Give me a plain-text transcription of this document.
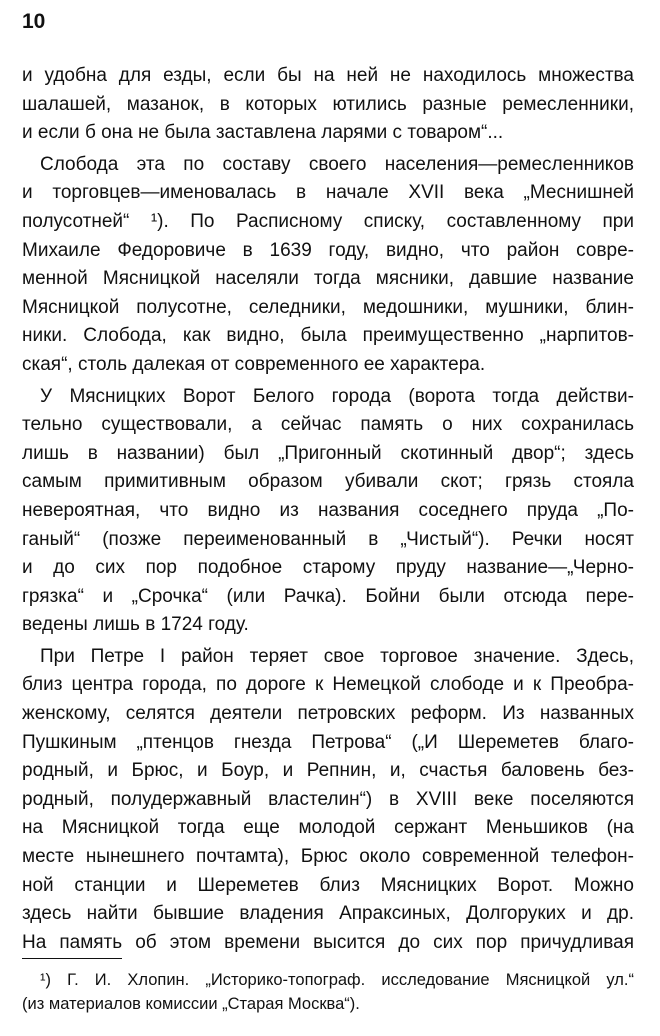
10
и удобна для езды, если бы на ней не находилось множества
шалашей, мазанок, в которых ютились разные ремесленники,
и если б она не была заставлена ларями с товаром“...
Слобода эта по составу своего населения—ремесленников
и торговцев—именовалась в начале XVII века „Меснишней
полусотней“ ¹). По Расписному списку, составленному при
Михаиле Федоровиче в 1639 году, видно, что район совре-
менной Мясницкой населяли тогда мясники, давшие название
Мясницкой полусотне, селедники, медошники, мушники, блин-
ники. Слобода, как видно, была преимущественно „нарпитов-
ская“, столь далекая от современного ее характера.
У Мясницких Ворот Белого города (ворота тогда действи-
тельно существовали, а сейчас память о них сохранилась
лишь в названии) был „Пригонный скотинный двор“; здесь
самым примитивным образом убивали скот; грязь стояла
невероятная, что видно из названия соседнего пруда „По-
ганый“ (позже переименованный в „Чистый“). Речки носят
и до сих пор подобное старому пруду название—„Черно-
грязка“ и „Срочка“ (или Рачка). Бойни были отсюда пере-
ведены лишь в 1724 году.
При Петре I район теряет свое торговое значение. Здесь,
близ центра города, по дороге к Немецкой слободе и к Преобра-
женскому, селятся деятели петровских реформ. Из названных
Пушкиным „птенцов гнезда Петрова“ („И Шереметев благо-
родный, и Брюс, и Боур, и Репнин, и, счастья баловень без-
родный, полудержавный властелин“) в XVIII веке поселяются
на Мясницкой тогда еще молодой сержант Меньшиков (на
месте нынешнего почтамта), Брюс около современной телефон-
ной станции и Шереметев близ Мясницких Ворот. Можно
здесь найти бывшие владения Апраксиных, Долгоруких и др.
На память об этом времени высится до сих пор причудливая
¹) Г. И. Хлопин. „Историко-топограф. исследование Мясницкой ул.“
(из материалов комиссии „Старая Москва“).
